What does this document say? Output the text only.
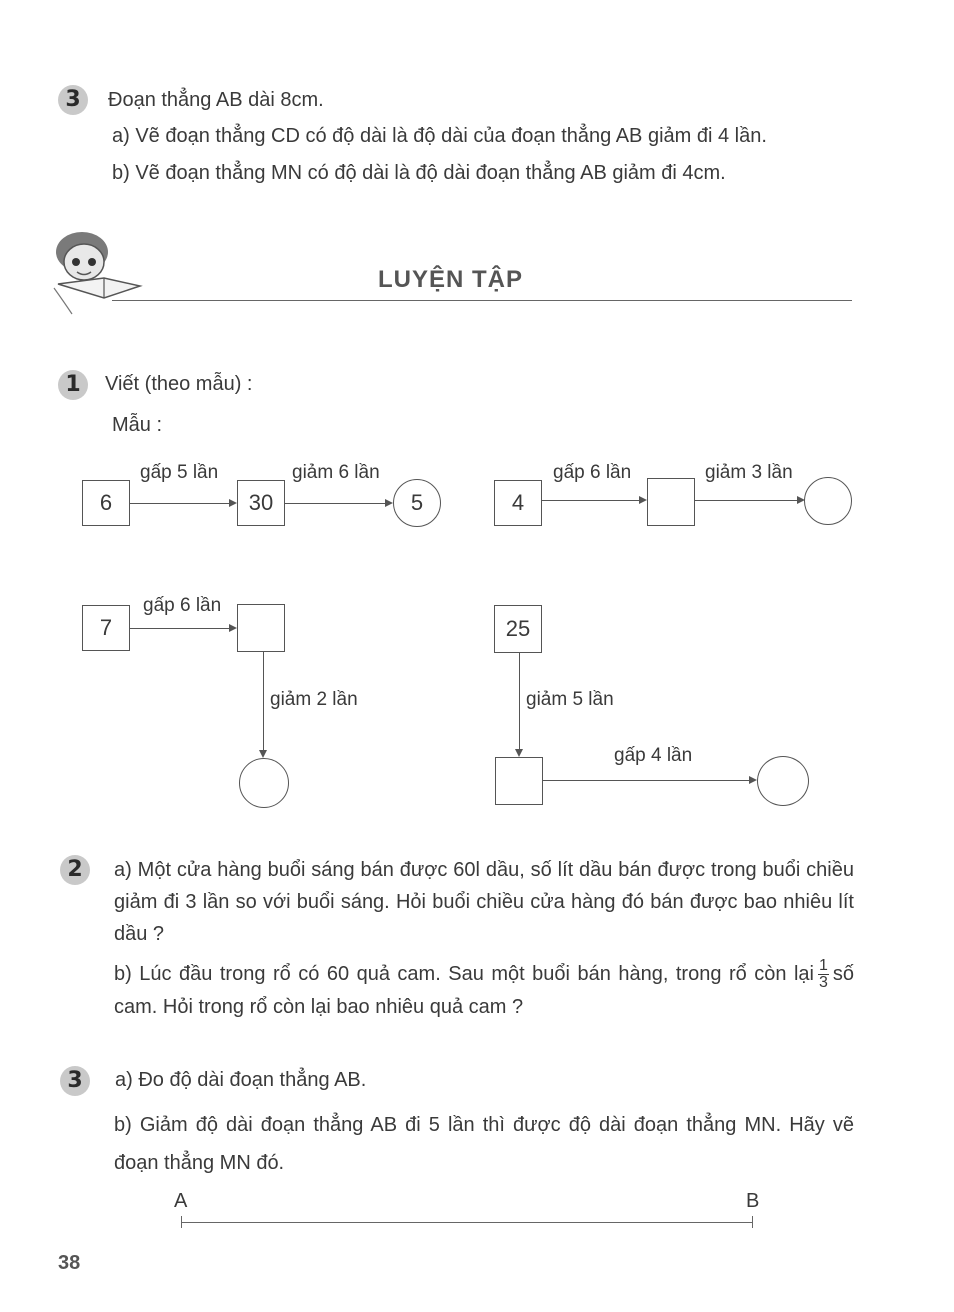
3	Đoạn thẳng AB dài 8cm.
a) Vẽ đoạn thẳng CD có độ dài là độ dài của đoạn thẳng AB giảm đi 4 lần.
b) Vẽ đoạn thẳng MN có độ dài là độ dài đoạn thẳng AB giảm đi 4cm.
LUYỆN TẬP
1	Viết (theo mẫu) :
Mẫu :
6
gấp 5 lần
30
giảm 6 lần
5	4
gấp 6 lần	giảm 3 lần
7
gấp 6 lần
giảm 2 lần
25
giảm 5 lần
gấp 4 lần
2	a) Một cửa hàng buổi sáng bán được 60l dầu, số lít dầu bán được trong buổi chiều giảm đi 3 lần so với buổi sáng. Hỏi buổi chiều cửa hàng đó bán được bao nhiêu lít dầu ?
b) Lúc đầu trong rổ có 60 quả cam. Sau một buổi bán hàng, trong rổ còn lại $\frac{1}{3}$ số cam. Hỏi trong rổ còn lại bao nhiêu quả cam ?
3	a) Đo độ dài đoạn thẳng AB.
b) Giảm độ dài đoạn thẳng AB đi 5 lần thì được độ dài đoạn thẳng MN. Hãy vẽ đoạn thẳng MN đó.
A	B
38
